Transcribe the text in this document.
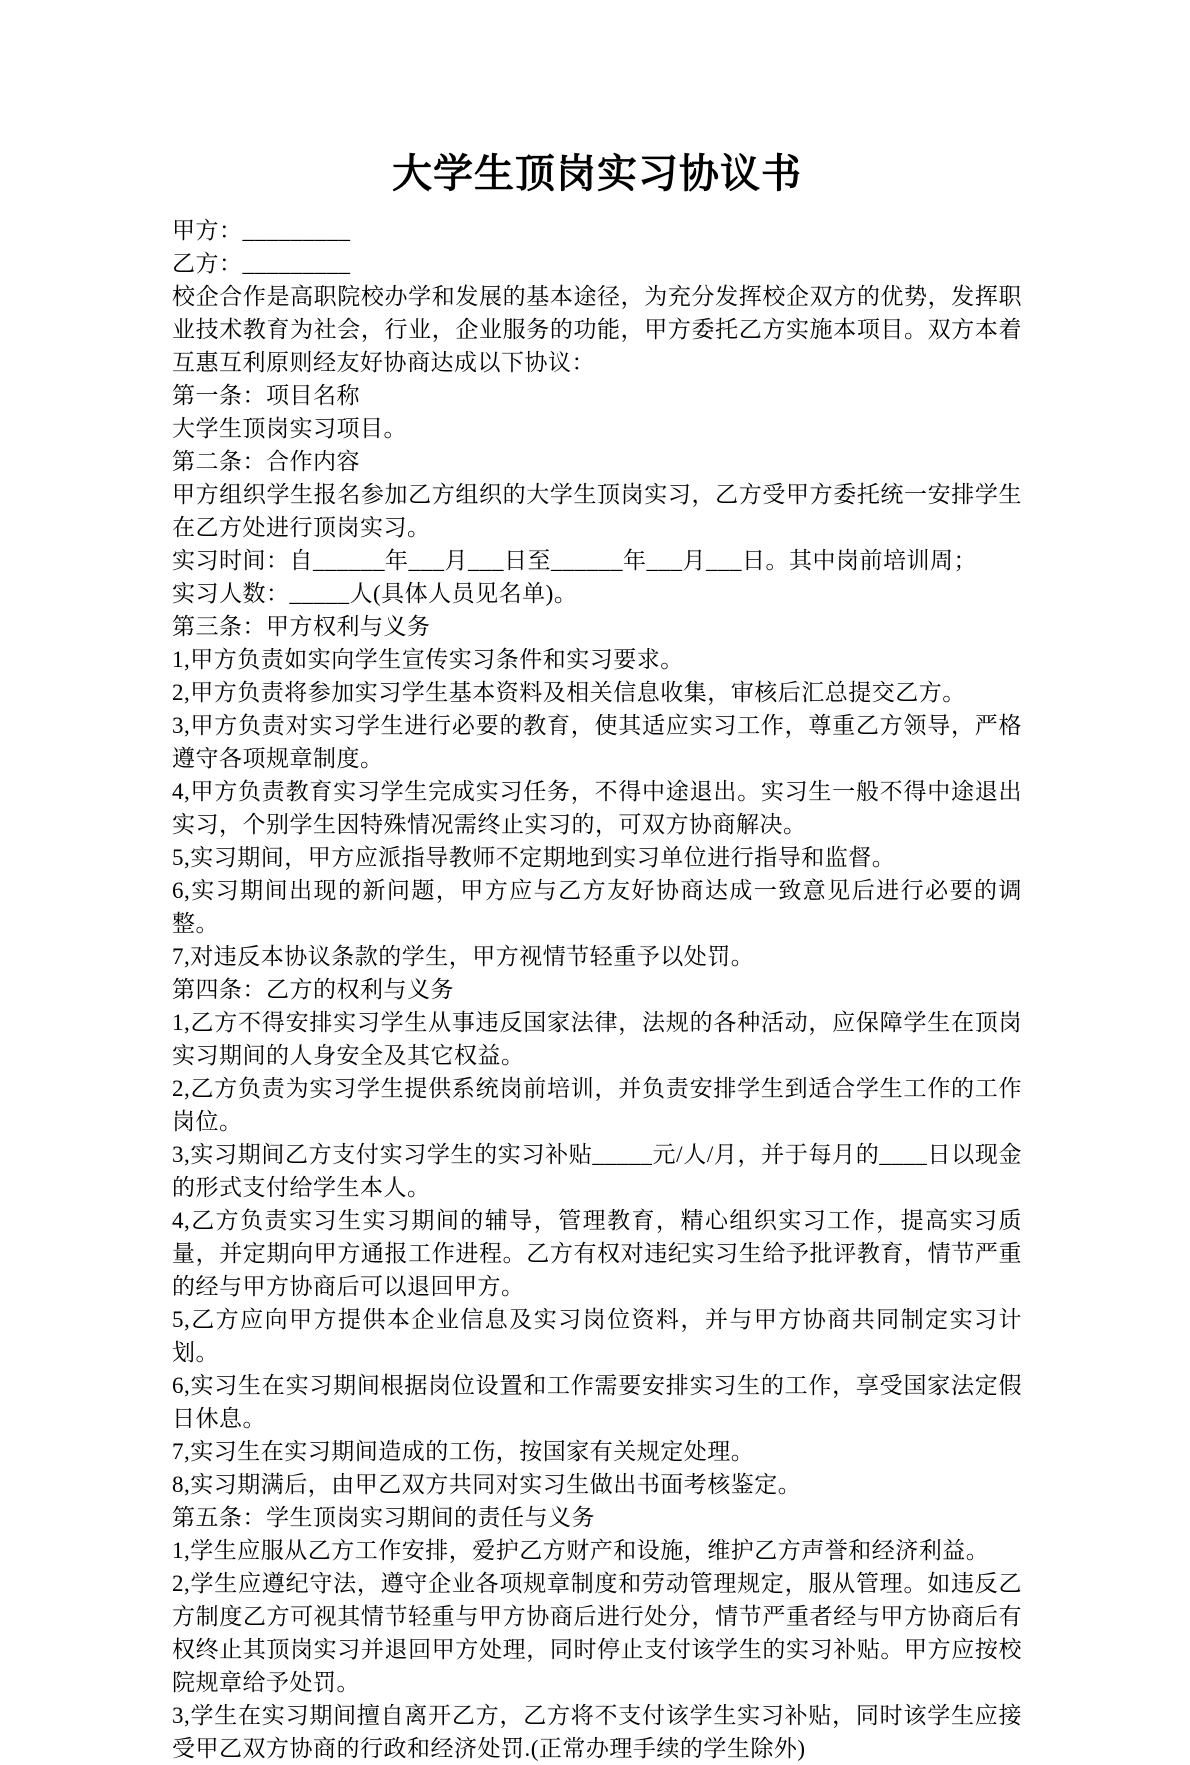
大学生顶岗实习协议书

甲方：_________

乙方：_________

校企合作是高职院校办学和发展的基本途径，为充分发挥校企双方的优势，发挥职业技术教育为社会，行业，企业服务的功能，甲方委托乙方实施本项目。双方本着互惠互利原则经友好协商达成以下协议：

第一条：项目名称

大学生顶岗实习项目。

第二条：合作内容

甲方组织学生报名参加乙方组织的大学生顶岗实习，乙方受甲方委托统一安排学生在乙方处进行顶岗实习。

实习时间：自______年___月___日至______年___月___日。其中岗前培训周；

实习人数：_____人(具体人员见名单)。

第三条：甲方权利与义务

1,甲方负责如实向学生宣传实习条件和实习要求。

2,甲方负责将参加实习学生基本资料及相关信息收集，审核后汇总提交乙方。

3,甲方负责对实习学生进行必要的教育，使其适应实习工作，尊重乙方领导，严格遵守各项规章制度。

4,甲方负责教育实习学生完成实习任务，不得中途退出。实习生一般不得中途退出实习，个别学生因特殊情况需终止实习的，可双方协商解决。

5,实习期间，甲方应派指导教师不定期地到实习单位进行指导和监督。

6,实习期间出现的新问题，甲方应与乙方友好协商达成一致意见后进行必要的调整。

7,对违反本协议条款的学生，甲方视情节轻重予以处罚。

第四条：乙方的权利与义务

1,乙方不得安排实习学生从事违反国家法律，法规的各种活动，应保障学生在顶岗实习期间的人身安全及其它权益。

2,乙方负责为实习学生提供系统岗前培训，并负责安排学生到适合学生工作的工作岗位。

3,实习期间乙方支付实习学生的实习补贴_____元/人/月，并于每月的____日以现金的形式支付给学生本人。

4,乙方负责实习生实习期间的辅导，管理教育，精心组织实习工作，提高实习质量，并定期向甲方通报工作进程。乙方有权对违纪实习生给予批评教育，情节严重的经与甲方协商后可以退回甲方。

5,乙方应向甲方提供本企业信息及实习岗位资料，并与甲方协商共同制定实习计划。

6,实习生在实习期间根据岗位设置和工作需要安排实习生的工作，享受国家法定假日休息。

7,实习生在实习期间造成的工伤，按国家有关规定处理。

8,实习期满后，由甲乙双方共同对实习生做出书面考核鉴定。

第五条：学生顶岗实习期间的责任与义务

1,学生应服从乙方工作安排，爱护乙方财产和设施，维护乙方声誉和经济利益。

2,学生应遵纪守法，遵守企业各项规章制度和劳动管理规定，服从管理。如违反乙方制度乙方可视其情节轻重与甲方协商后进行处分，情节严重者经与甲方协商后有权终止其顶岗实习并退回甲方处理，同时停止支付该学生的实习补贴。甲方应按校院规章给予处罚。

3,学生在实习期间擅自离开乙方，乙方将不支付该学生实习补贴，同时该学生应接受甲乙双方协商的行政和经济处罚.(正常办理手续的学生除外)
